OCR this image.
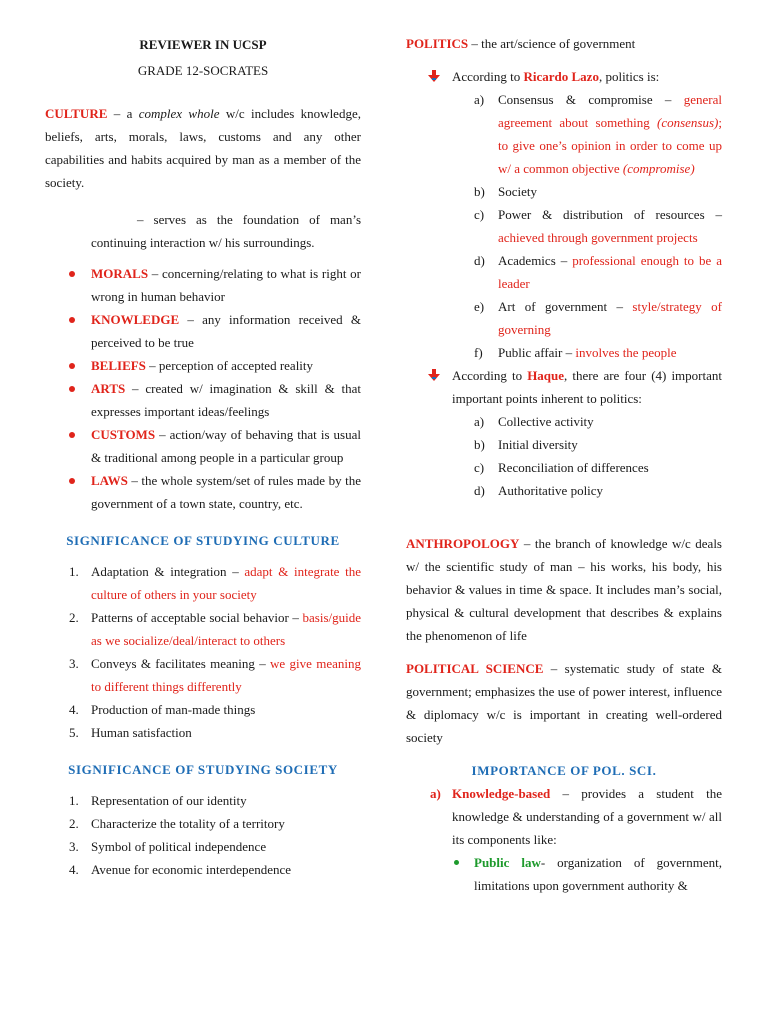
REVIEWER IN UCSP

GRADE 12-SOCRATES

CULTURE – a complex whole w/c includes knowledge, beliefs, arts, morals, laws, customs and any other capabilities and habits acquired by man as a member of the society.

– serves as the foundation of man’s continuing interaction w/ his surroundings.

MORALS – concerning/relating to what is right or wrong in human behavior
KNOWLEDGE – any information received & perceived to be true
BELIEFS – perception of accepted reality
ARTS – created w/ imagination & skill & that expresses important ideas/feelings
CUSTOMS – action/way of behaving that is usual & traditional among people in a particular group
LAWS – the whole system/set of rules made by the government of a town state, country, etc.

SIGNIFICANCE OF STUDYING CULTURE

1. Adaptation & integration – adapt & integrate the culture of others in your society
2. Patterns of acceptable social behavior – basis/guide as we socialize/deal/interact to others
3. Conveys & facilitates meaning – we give meaning to different things differently
4. Production of man-made things
5. Human satisfaction

SIGNIFICANCE OF STUDYING SOCIETY

1. Representation of our identity
2. Characterize the totality of a territory
3. Symbol of political independence
4. Avenue for economic interdependence

POLITICS – the art/science of government

According to Ricardo Lazo, politics is:
a) Consensus & compromise – general agreement about something (consensus); to give one’s opinion in order to come up w/ a common objective (compromise)
b) Society
c) Power & distribution of resources – achieved through government projects
d) Academics – professional enough to be a leader
e) Art of government – style/strategy of governing
f) Public affair – involves the people
According to Haque, there are four (4) important important points inherent to politics:
a) Collective activity
b) Initial diversity
c) Reconciliation of differences
d) Authoritative policy

ANTHROPOLOGY – the branch of knowledge w/c deals w/ the scientific study of man – his works, his body, his behavior & values in time & space. It includes man’s social, physical & cultural development that describes & explains the phenomenon of life

POLITICAL SCIENCE – systematic study of state & government; emphasizes the use of power interest, influence & diplomacy w/c is important in creating well-ordered society

IMPORTANCE OF POL. SCI.

a) Knowledge-based – provides a student the knowledge & understanding of a government w/ all its components like:
Public law- organization of government, limitations upon government authority &
